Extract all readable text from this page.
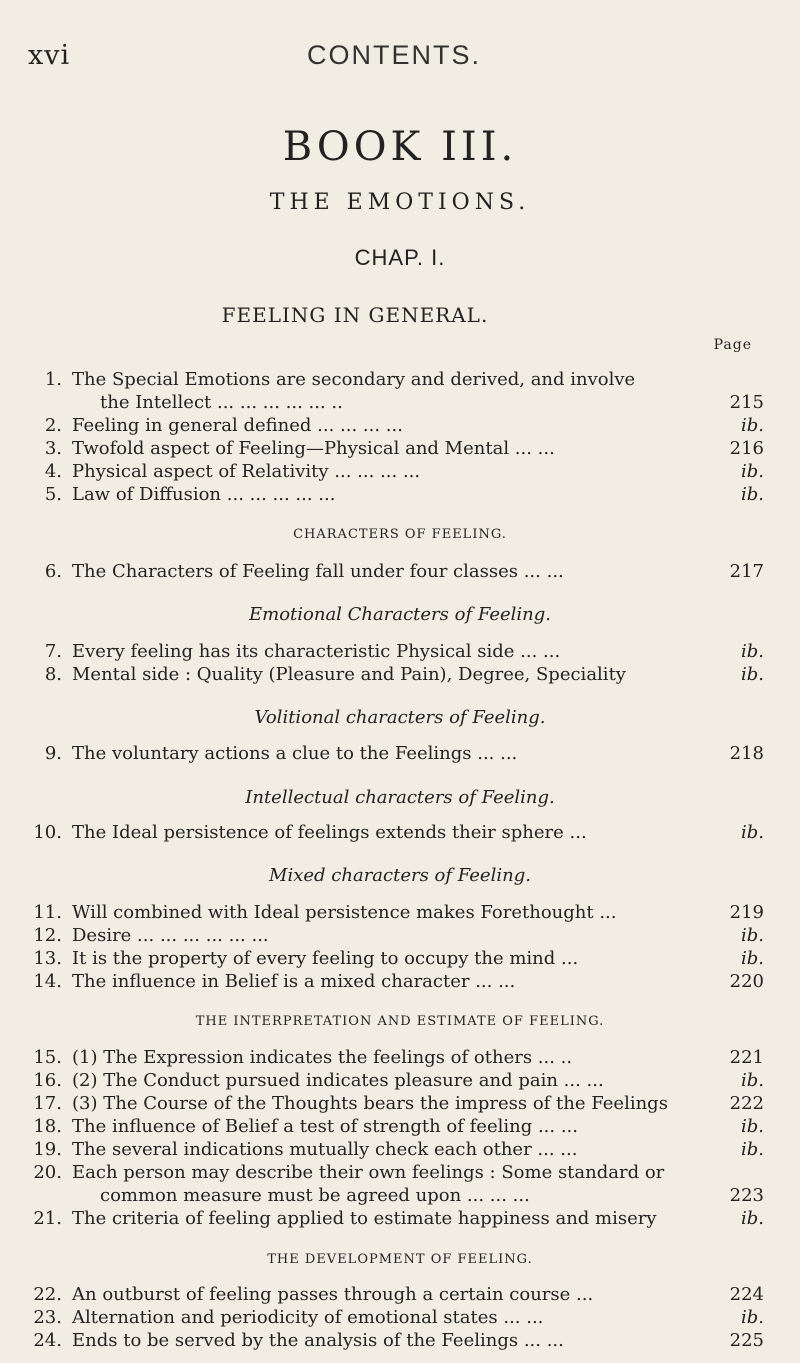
xvi	CONTENTS.
BOOK III.
THE EMOTIONS.
CHAP. I.
FEELING IN GENERAL.
Page
1. The Special Emotions are secondary and derived, and involve
the Intellect ... ... ... ... ... ..	215
2. Feeling in general defined ... ... ... ...	ib.
3. Twofold aspect of Feeling—Physical and Mental ... ...	216
4. Physical aspect of Relativity ... ... ... ...	ib.
5. Law of Diffusion ... ... ... ... ...	ib.
CHARACTERS OF FEELING.
6. The Characters of Feeling fall under four classes ... ...	217
Emotional Characters of Feeling.
7. Every feeling has its characteristic Physical side ... ...	ib.
8. Mental side : Quality (Pleasure and Pain), Degree, Speciality	ib.
Volitional characters of Feeling.
9. The voluntary actions a clue to the Feelings ... ...	218
Intellectual characters of Feeling.
10. The Ideal persistence of feelings extends their sphere ...	ib.
Mixed characters of Feeling.
11. Will combined with Ideal persistence makes Forethought ...	219
12. Desire ... ... ... ... ... ...	ib.
13. It is the property of every feeling to occupy the mind ...	ib.
14. The influence in Belief is a mixed character ... ...	220
THE INTERPRETATION AND ESTIMATE OF FEELING.
15. (1) The Expression indicates the feelings of others ... ..	221
16. (2) The Conduct pursued indicates pleasure and pain ... ...	ib.
17. (3) The Course of the Thoughts bears the impress of the Feelings	222
18. The influence of Belief a test of strength of feeling ... ...	ib.
19. The several indications mutually check each other ... ...	ib.
20. Each person may describe their own feelings : Some standard or
common measure must be agreed upon ... ... ...	223
21. The criteria of feeling applied to estimate happiness and misery	ib.
THE DEVELOPMENT OF FEELING.
22. An outburst of feeling passes through a certain course ...	224
23. Alternation and periodicity of emotional states ... ...	ib.
24. Ends to be served by the analysis of the Feelings ... ...	225
